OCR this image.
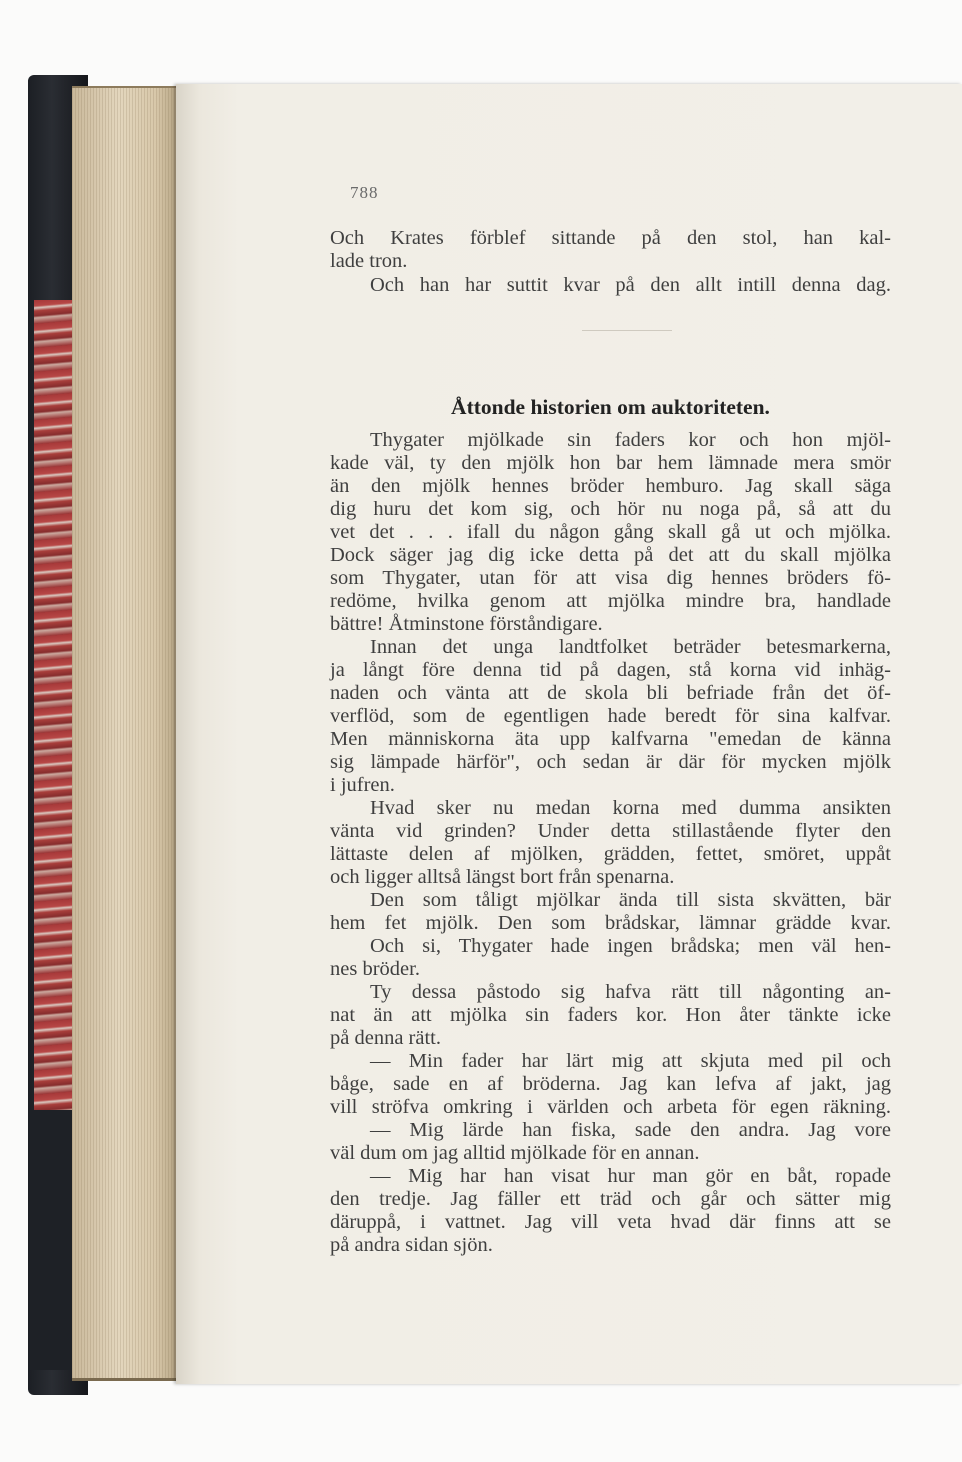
788

Och Krates förblef sittande på den stol, han kal-

lade tron.

Och han har suttit kvar på den allt intill denna dag.

Åttonde historien om auktoriteten.

Thygater mjölkade sin faders kor och hon mjöl-

kade väl, ty den mjölk hon bar hem lämnade mera smör

än den mjölk hennes bröder hemburo. Jag skall säga

dig huru det kom sig, och hör nu noga på, så att du

vet det . . . ifall du någon gång skall gå ut och mjölka.

Dock säger jag dig icke detta på det att du skall mjölka

som Thygater, utan för att visa dig hennes bröders fö-

redöme, hvilka genom att mjölka mindre bra, handlade

bättre! Åtminstone förståndigare.

Innan det unga landtfolket beträder betesmarkerna,

ja långt före denna tid på dagen, stå korna vid inhäg-

naden och vänta att de skola bli befriade från det öf-

verflöd, som de egentligen hade beredt för sina kalfvar.

Men människorna äta upp kalfvarna "emedan de känna

sig lämpade härför", och sedan är där för mycken mjölk

i jufren.

Hvad sker nu medan korna med dumma ansikten

vänta vid grinden? Under detta stillastående flyter den

lättaste delen af mjölken, grädden, fettet, smöret, uppåt

och ligger alltså längst bort från spenarna.

Den som tåligt mjölkar ända till sista skvätten, bär

hem fet mjölk. Den som brådskar, lämnar grädde kvar.

Och si, Thygater hade ingen brådska; men väl hen-

nes bröder.

Ty dessa påstodo sig hafva rätt till någonting an-

nat än att mjölka sin faders kor. Hon åter tänkte icke

på denna rätt.

— Min fader har lärt mig att skjuta med pil och

båge, sade en af bröderna. Jag kan lefva af jakt, jag

vill ströfva omkring i världen och arbeta för egen räkning.

— Mig lärde han fiska, sade den andra. Jag vore

väl dum om jag alltid mjölkade för en annan.

— Mig har han visat hur man gör en båt, ropade

den tredje. Jag fäller ett träd och går och sätter mig

däruppå, i vattnet. Jag vill veta hvad där finns att se

på andra sidan sjön.
